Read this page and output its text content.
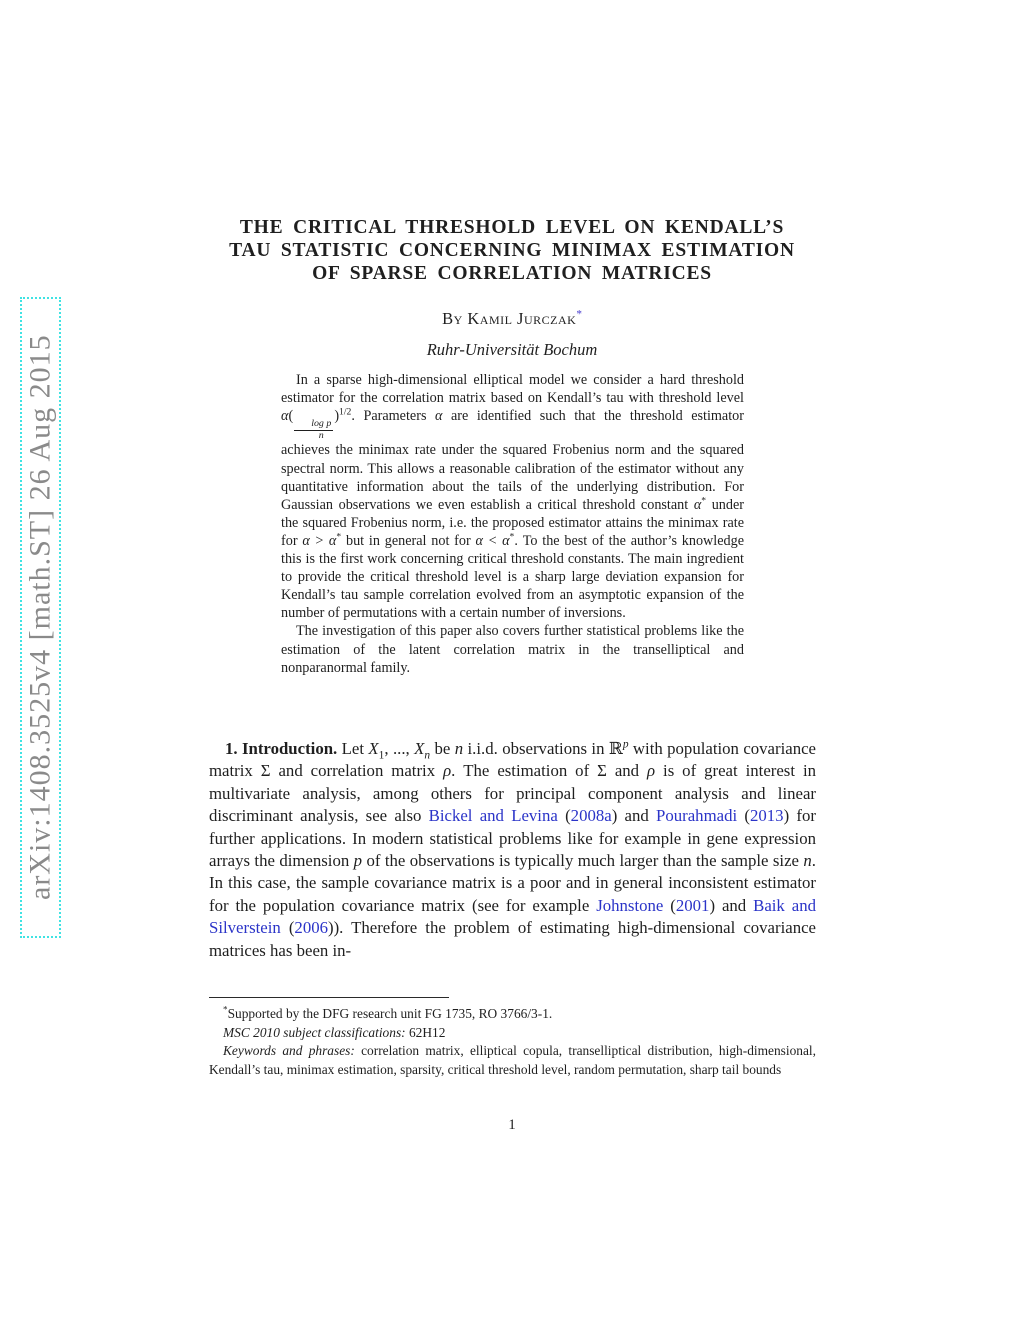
arXiv:1408.3525v4 [math.ST] 26 Aug 2015
THE CRITICAL THRESHOLD LEVEL ON KENDALL’S
TAU STATISTIC CONCERNING MINIMAX ESTIMATION
OF SPARSE CORRELATION MATRICES
By Kamil Jurczak*
Ruhr-Universität Bochum

In a sparse high-dimensional elliptical model we consider a hard threshold estimator for the correlation matrix based on Kendall’s tau with threshold level α(
$\frac{\text{log p}}{n}$
)$^{1/2}$. Parameters α are identified such that the threshold estimator achieves the minimax rate under the squared Frobenius norm and the squared spectral norm. This allows a reasonable calibration of the estimator without any quantitative information about the tails of the underlying distribution. For Gaussian observations we even establish a critical threshold constant α* under the squared Frobenius norm, i.e. the proposed estimator attains the minimax rate for α > α* but in general not for α < α*. To the best of the author’s knowledge this is the first work concerning critical threshold constants. The main ingredient to provide the critical threshold level is a sharp large deviation expansion for Kendall’s tau sample correlation evolved from an asymptotic expansion of the number of permutations with a certain number of inversions.

The investigation of this paper also covers further statistical problems like the estimation of the latent correlation matrix in the transelliptical and nonparanormal family.

1. Introduction. Let $X_1$, ..., $X_n$ be n i.i.d. observations in ℝ$^p$ with population covariance matrix Σ and correlation matrix ρ. The estimation of Σ and ρ is of great interest in multivariate analysis, among others for principal component analysis and linear discriminant analysis, see also Bickel and Levina (2008a) and Pourahmadi (2013) for further applications. In modern statistical problems like for example in gene expression arrays the dimension p of the observations is typically much larger than the sample size n. In this case, the sample covariance matrix is a poor and in general inconsistent estimator for the population covariance matrix (see for example Johnstone (2001) and Baik and Silverstein (2006)). Therefore the problem of estimating high-dimensional covariance matrices has been in-

*Supported by the DFG research unit FG 1735, RO 3766/3-1.

MSC 2010 subject classifications: 62H12

Keywords and phrases: correlation matrix, elliptical copula, transelliptical distribution, high-dimensional, Kendall’s tau, minimax estimation, sparsity, critical threshold level, random permutation, sharp tail bounds

1
